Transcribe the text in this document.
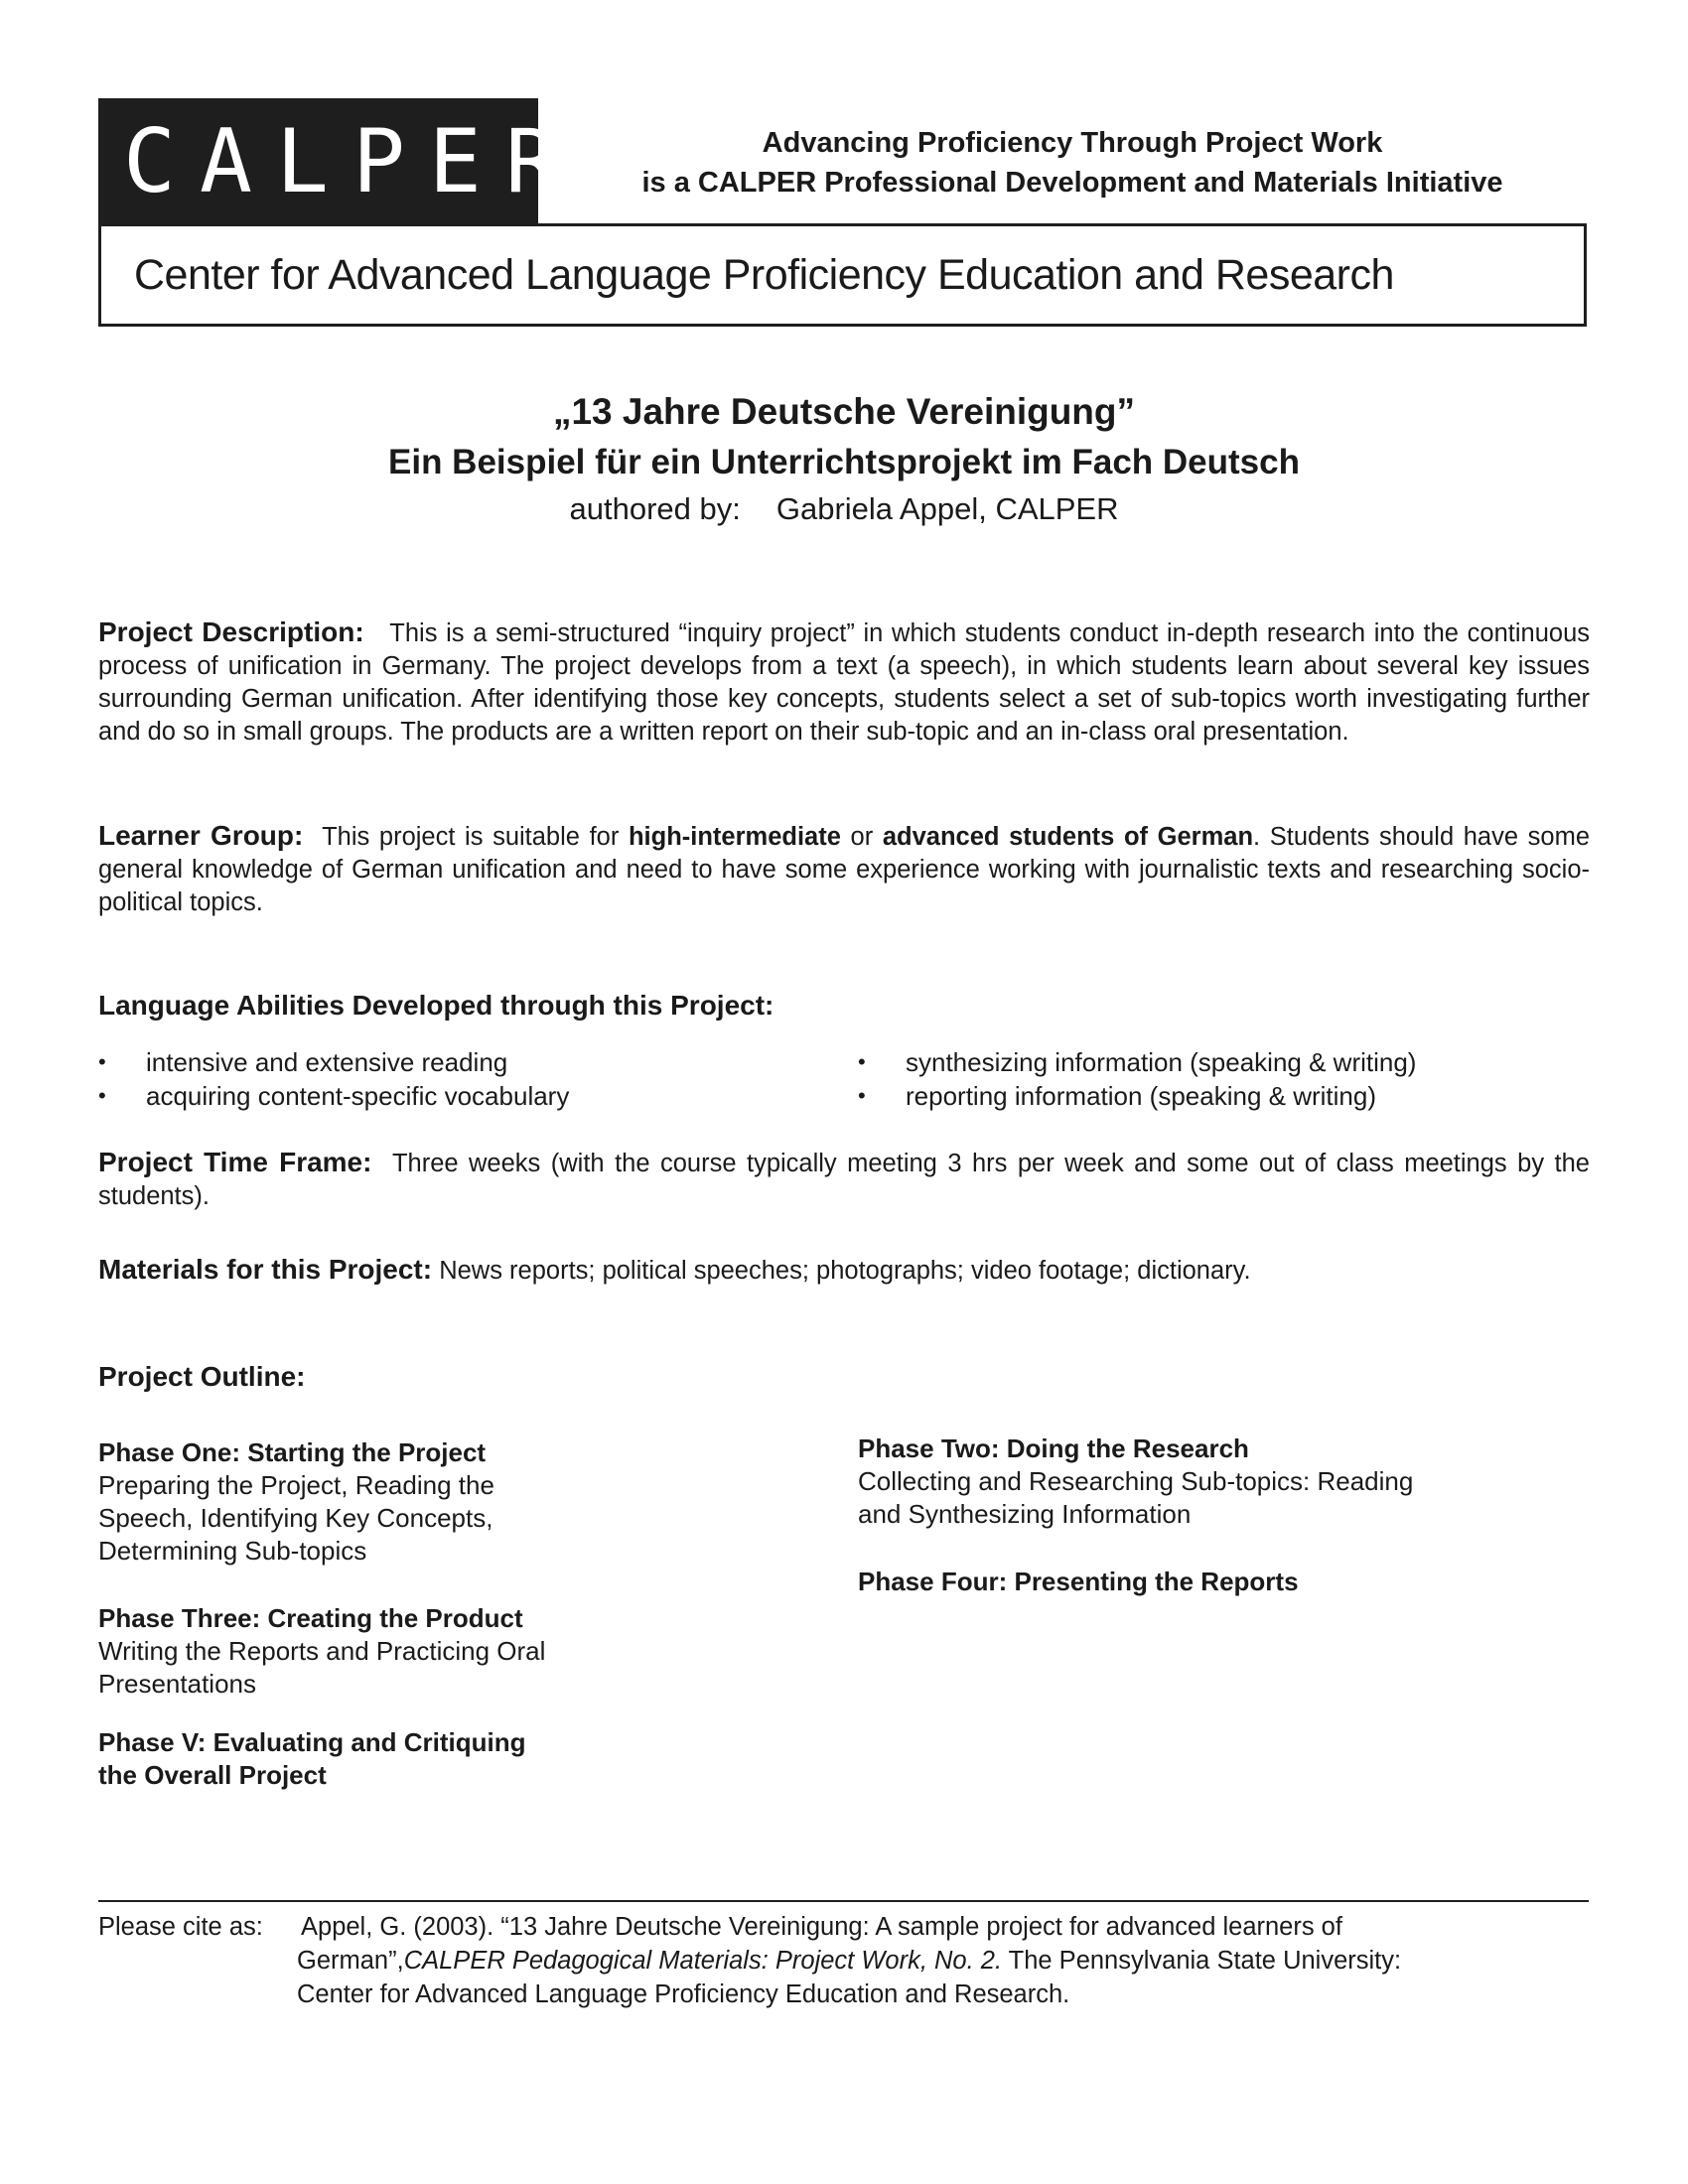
CALPER	Advancing Proficiency Through Project Work
is a CALPER Professional Development and Materials Initiative
Center for Advanced Language Proficiency Education and Research
„13 Jahre Deutsche Vereinigung”
Ein Beispiel für ein Unterrichtsprojekt im Fach Deutsch
authored by: Gabriela Appel, CALPER
Project Description: This is a semi-structured “inquiry project” in which students conduct in-depth research into the continuous process of unification in Germany. The project develops from a text (a speech), in which students learn about several key issues surrounding German unification. After identifying those key concepts, students select a set of sub-topics worth investigating further and do so in small groups. The products are a written report on their sub-topic and an in-class oral presentation.
Learner Group: This project is suitable for high-intermediate or advanced students of German. Students should have some general knowledge of German unification and need to have some experience working with journalistic texts and researching socio-political topics.
Language Abilities Developed through this Project:
• intensive and extensive reading
• acquiring content-specific vocabulary
• synthesizing information (speaking & writing)
• reporting information (speaking & writing)
Project Time Frame: Three weeks (with the course typically meeting 3 hrs per week and some out of class meetings by the students).
Materials for this Project: News reports; political speeches; photographs; video footage; dictionary.
Project Outline:
Phase One: Starting the Project
Preparing the Project, Reading the
Speech, Identifying Key Concepts,
Determining Sub-topics
Phase Two: Doing the Research
Collecting and Researching Sub-topics: Reading
and Synthesizing Information
Phase Three: Creating the Product
Writing the Reports and Practicing Oral
Presentations
Phase Four: Presenting the Reports
Phase V: Evaluating and Critiquing
the Overall Project
Please cite as: Appel, G. (2003). “13 Jahre Deutsche Vereinigung: A sample project for advanced learners of
German”,CALPER Pedagogical Materials: Project Work, No. 2. The Pennsylvania State University:
Center for Advanced Language Proficiency Education and Research.
